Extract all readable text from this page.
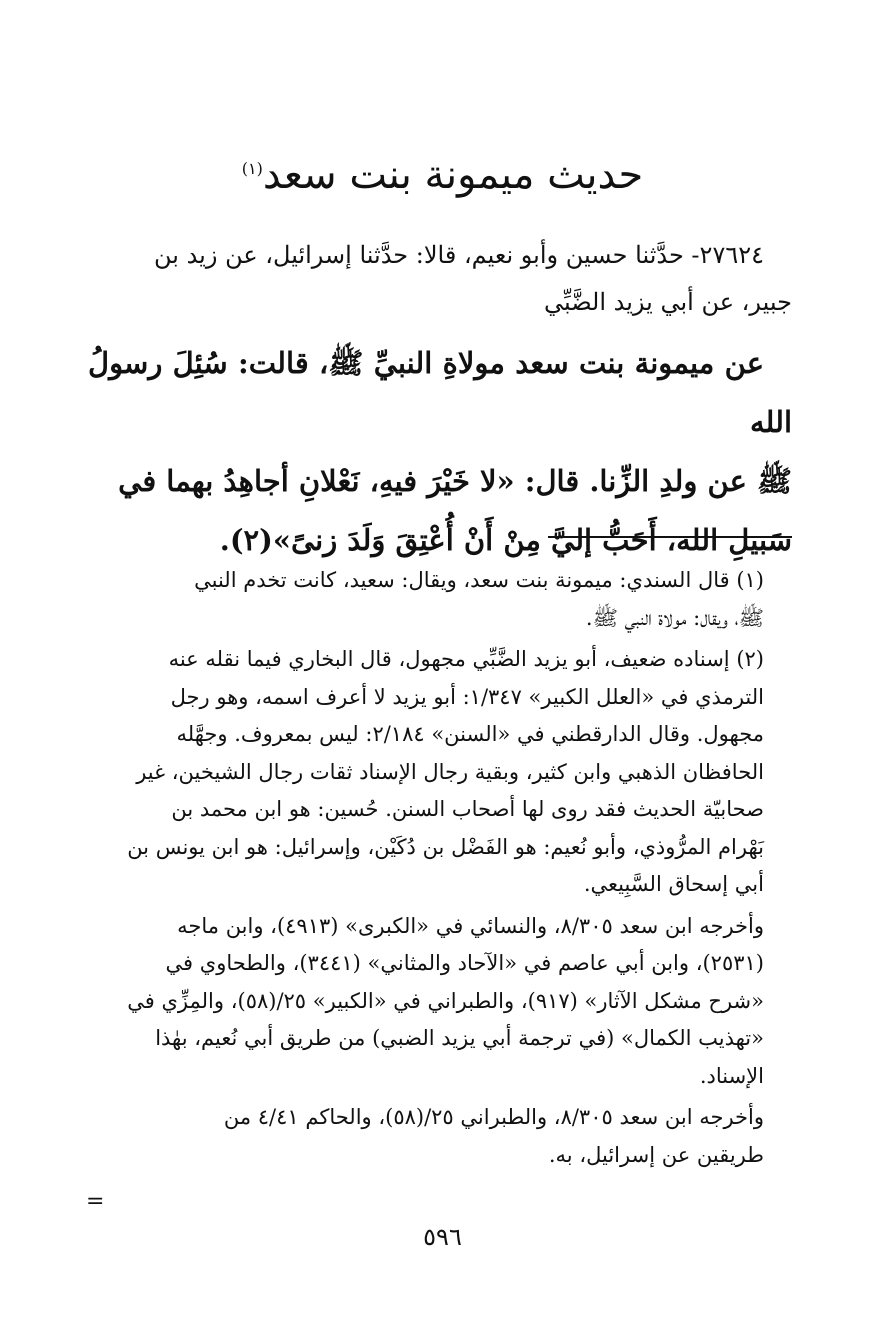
حديث ميمونة بنت سعد$^{(١)}$

٢٧٦٢٤- حدَّثنا حسين وأبو نعيم، قالا: حدَّثنا إسرائيل، عن زيد بن

جبير، عن أبي يزيد الضَّبِّي

عن ميمونة بنت سعد مولاةِ النبيِّ ﷺ، قالت: سُئِلَ رسولُ الله

ﷺ عن ولدِ الزِّنا. قال: «لا خَيْرَ فيهِ، نَعْلانِ أجاهِدُ بهما في

سَبيلِ الله، أَحَبُّ إليَّ مِنْ أَنْ أُعْتِقَ وَلَدَ زنىً»(٢).

(١) قال السندي: ميمونة بنت سعد، ويقال: سعيد، كانت تخدم النبي

ﷺ، ويقال: مولاة النبي ﷺ.

(٢) إسناده ضعيف، أبو يزيد الضَّبِّي مجهول، قال البخاري فيما نقله عنه

الترمذي في «العلل الكبير» ١/٣٤٧: أبو يزيد لا أعرف اسمه، وهو رجل

مجهول. وقال الدارقطني في «السنن» ٢/١٨٤: ليس بمعروف. وجهَّله

الحافظان الذهبي وابن كثير، وبقية رجال الإسناد ثقات رجال الشيخين، غير

صحابيّة الحديث فقد روى لها أصحاب السنن. حُسين: هو ابن محمد بن

بَهْرام المرُّوذي، وأبو نُعيم: هو الفَضْل بن دُكَيْن، وإسرائيل: هو ابن يونس بن

أبي إسحاق السَّبِيعي.

وأخرجه ابن سعد ٨/٣٠٥، والنسائي في «الكبرى» (٤٩١٣)، وابن ماجه

(٢٥٣١)، وابن أبي عاصم في «الآحاد والمثاني» (٣٤٤١)، والطحاوي في

«شرح مشكل الآثار» (٩١٧)، والطبراني في «الكبير» ٢٥/(٥٨)، والمِزِّي في

«تهذيب الكمال» (في ترجمة أبي يزيد الضبي) من طريق أبي نُعيم، بهٰذا

الإسناد.

وأخرجه ابن سعد ٨/٣٠٥، والطبراني ٢٥/(٥٨)، والحاكم ٤/٤١ من

طريقين عن إسرائيل، به.

=
٥٩٦
